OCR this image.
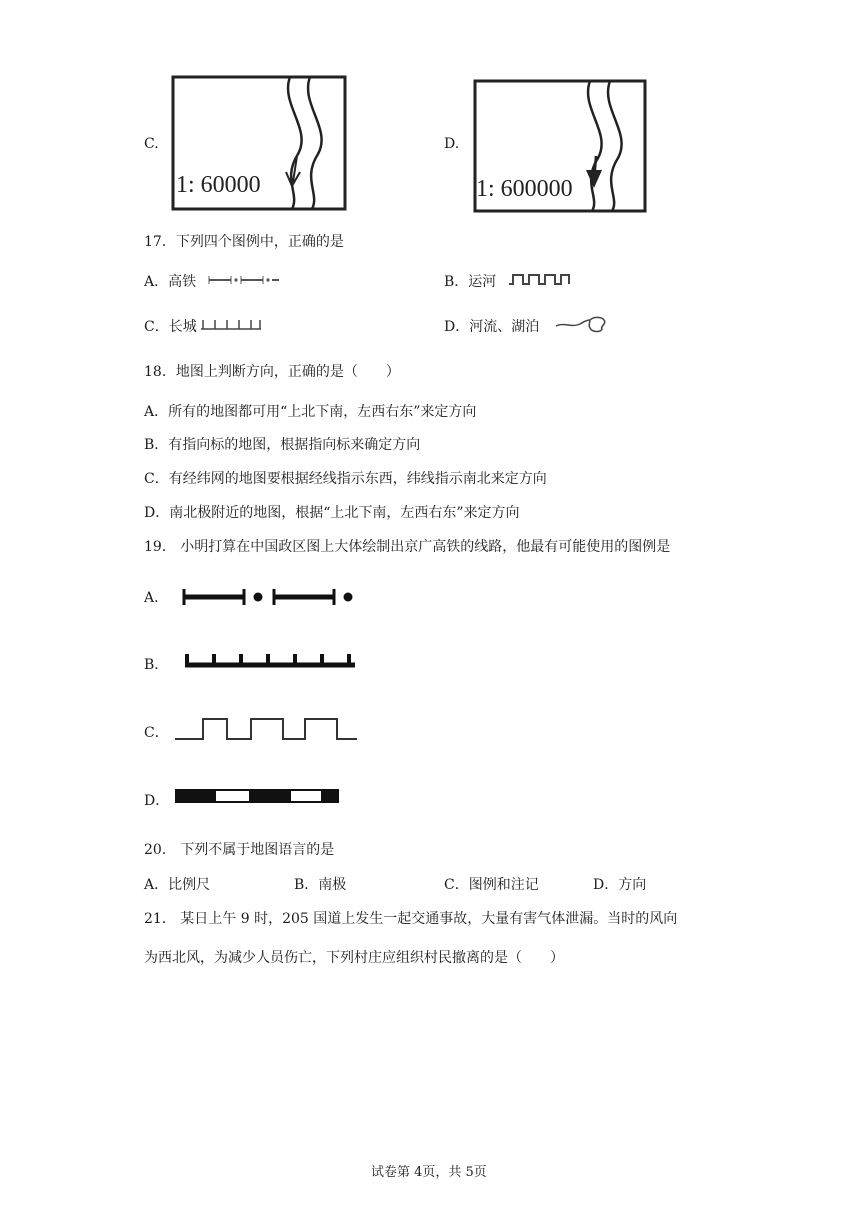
C.
1: 60000
D.
1: 600000
17．下列四个图例中，正确的是
A．高铁	B．运河
C．长城	D．河流、湖泊
18．地图上判断方向，正确的是（　　）
A．所有的地图都可用“上北下南，左西右东”来定方向
B．有指向标的地图，根据指向标来确定方向
C．有经纬网的地图要根据经线指示东西，纬线指示南北来定方向
D．南北极附近的地图，根据“上北下南，左西右东”来定方向
19． 小明打算在中国政区图上大体绘制出京广高铁的线路，他最有可能使用的图例是
A．
B．
C．
D．
20． 下列不属于地图语言的是
A．比例尺	B．南极	C．图例和注记	D．方向
21． 某日上午 9 时，205 国道上发生一起交通事故，大量有害气体泄漏。当时的风向
为西北风，为减少人员伤亡，下列村庄应组织村民撤离的是（　　）
试卷第 4页，共 5页
